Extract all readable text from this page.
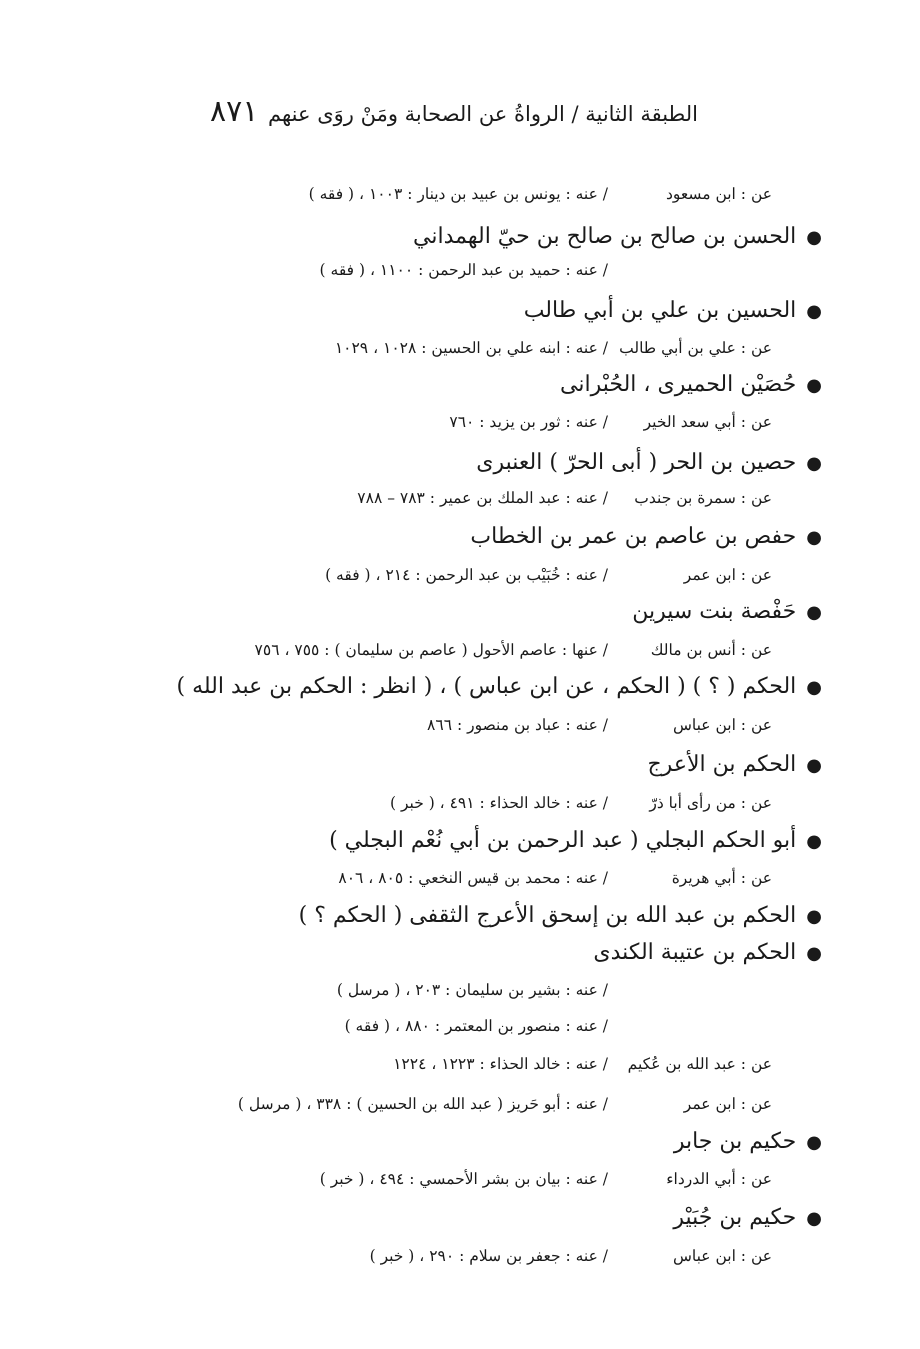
الطبقة الثانية / الرواةُ عن الصحابة ومَنْ روَى عنهم
٨٧١
عن : ابن مسعود
/ عنه : يونس بن عبيد بن دينار : ١٠٠٣ ، ( فقه )
●الحسن بن صالح بن صالح بن حيّ الهمداني
/ عنه : حميد بن عبد الرحمن : ١١٠٠ ، ( فقه )
●الحسين بن علي بن أبي طالب
عن : علي بن أبي طالب
/ عنه : ابنه علي بن الحسين : ١٠٢٨ ، ١٠٢٩
●حُصَيْن الحميرى ، الحُبْرانى
عن : أبي سعد الخير
/ عنه : ثور بن يزيد : ٧٦٠
●حصين بن الحر ( أبى الحرّ ) العنبرى
عن : سمرة بن جندب
/ عنه : عبد الملك بن عمير : ٧٨٣ – ٧٨٨
●حفص بن عاصم بن عمر بن الخطاب
عن : ابن عمر
/ عنه : خُبَيْب بن عبد الرحمن : ٢١٤ ، ( فقه )
●حَفْصة بنت سيرين
عن : أنس بن مالك
/ عنها : عاصم الأحول ( عاصم بن سليمان ) : ٧٥٥ ، ٧٥٦
●الحكم ( ؟ ) ( الحكم ، عن ابن عباس ) ، ( انظر : الحكم بن عبد الله )
عن : ابن عباس
/ عنه : عباد بن منصور : ٨٦٦
●الحكم بن الأعرج
عن : من رأى أبا ذرّ
/ عنه : خالد الحذاء : ٤٩١ ، ( خبر )
●أبو الحكم البجلي ( عبد الرحمن بن أبي نُعْم البجلي )
عن : أبي هريرة
/ عنه : محمد بن قيس النخعي : ٨٠٥ ، ٨٠٦
●الحكم بن عبد الله بن إسحق الأعرج الثقفى ( الحكم ؟ )
●الحكم بن عتيبة الكندى
/ عنه : بشير بن سليمان : ٢٠٣ ، ( مرسل )
/ عنه : منصور بن المعتمر : ٨٨٠ ، ( فقه )
عن : عبد الله بن عُكيم
/ عنه : خالد الحذاء : ١٢٢٣ ، ١٢٢٤
عن : ابن عمر
/ عنه : أبو حَريز ( عبد الله بن الحسين ) : ٣٣٨ ، ( مرسل )
●حكيم بن جابر
عن : أبي الدرداء
/ عنه : بيان بن بشر الأحمسي : ٤٩٤ ، ( خبر )
●حكيم بن جُبَيْر
عن : ابن عباس
/ عنه : جعفر بن سلام : ٢٩٠ ، ( خبر )
